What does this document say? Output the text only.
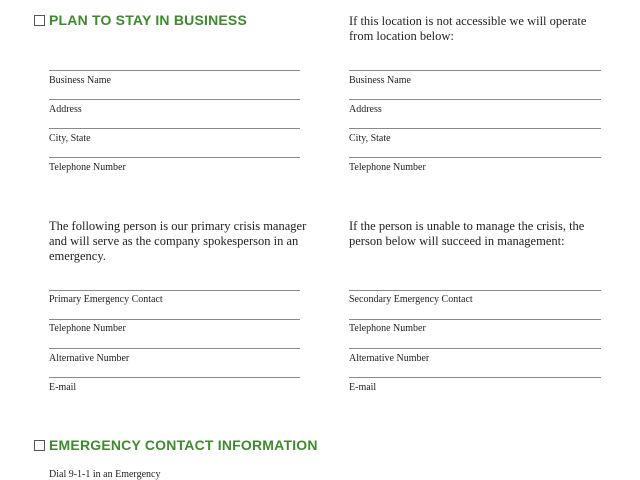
PLAN TO STAY IN BUSINESS	If this location is not accessible we will operate from location below:
Business Name
Address
City, State
Telephone Number
Business Name
Address
City, State
Telephone Number
The following person is our primary crisis manager and will serve as the company spokesperson in an emergency.
If the person is unable to manage the crisis, the person below will succeed in management:
Primary Emergency Contact
Telephone Number
Alternative Number
E-mail
Secondary Emergency Contact
Telephone Number
Alternative Number
E-mail
EMERGENCY CONTACT INFORMATION
Dial 9-1-1 in an Emergency
